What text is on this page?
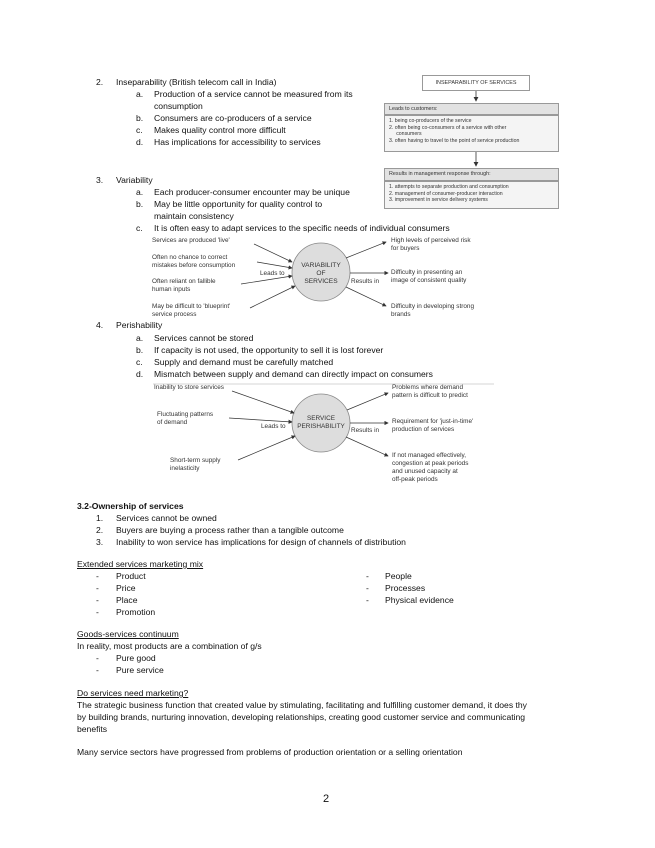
2. Inseparability (British telecom call in India)
a. Production of a service cannot be measured from its
consumption
b. Consumers are co-producers of a service
c. Makes quality control more difficult
d. Has implications for accessibility to services
INSEPARABILITY OF SERVICES
Leads to customers:
1. being co-producers of the service
2. often being co-consumers of a service with other
consumers
3. often having to travel to the point of service production
Results in management response through:
1. attempts to separate production and consumption
2. management of consumer-producer interaction
3. improvement in service delivery systems
3. Variability
a. Each producer-consumer encounter may be unique
b. May be little opportunity for quality control to
maintain consistency
c. It is often easy to adapt services to the specific needs of individual consumers
Services are produced 'live'
Often no chance to correct
mistakes before consumption
Often reliant on fallible
human inputs
May be difficult to 'blueprint'
service process
Leads to
Results in
VARIABILITY
OF
SERVICES
High levels of perceived risk
for buyers
Difficulty in presenting an
image of consistent quality
Difficulty in developing strong
brands
4. Perishability
a. Services cannot be stored
b. If capacity is not used, the opportunity to sell it is lost forever
c. Supply and demand must be carefully matched
d. Mismatch between supply and demand can directly impact on consumers
Inability to store services
Fluctuating patterns
of demand
Short-term supply
inelasticity
Leads to
Results in
SERVICE
PERISHABILITY
Problems where demand
pattern is difficult to predict
Requirement for 'just-in-time'
production of services
If not managed effectively,
congestion at peak periods
and unused capacity at
off-peak periods
3.2-Ownership of services
1. Services cannot be owned
2. Buyers are buying a process rather than a tangible outcome
3. Inability to won service has implications for design of channels of distribution
Extended services marketing mix
- Product
- Price
- Place
- Promotion
- People
- Processes
- Physical evidence
Goods-services continuum
In reality, most products are a combination of g/s
- Pure good
- Pure service
Do services need marketing?
The strategic business function that created value by stimulating, facilitating and fulfilling customer demand, it does thy
by building brands, nurturing innovation, developing relationships, creating good customer service and communicating
benefits
Many service sectors have progressed from problems of production orientation or a selling orientation
2
